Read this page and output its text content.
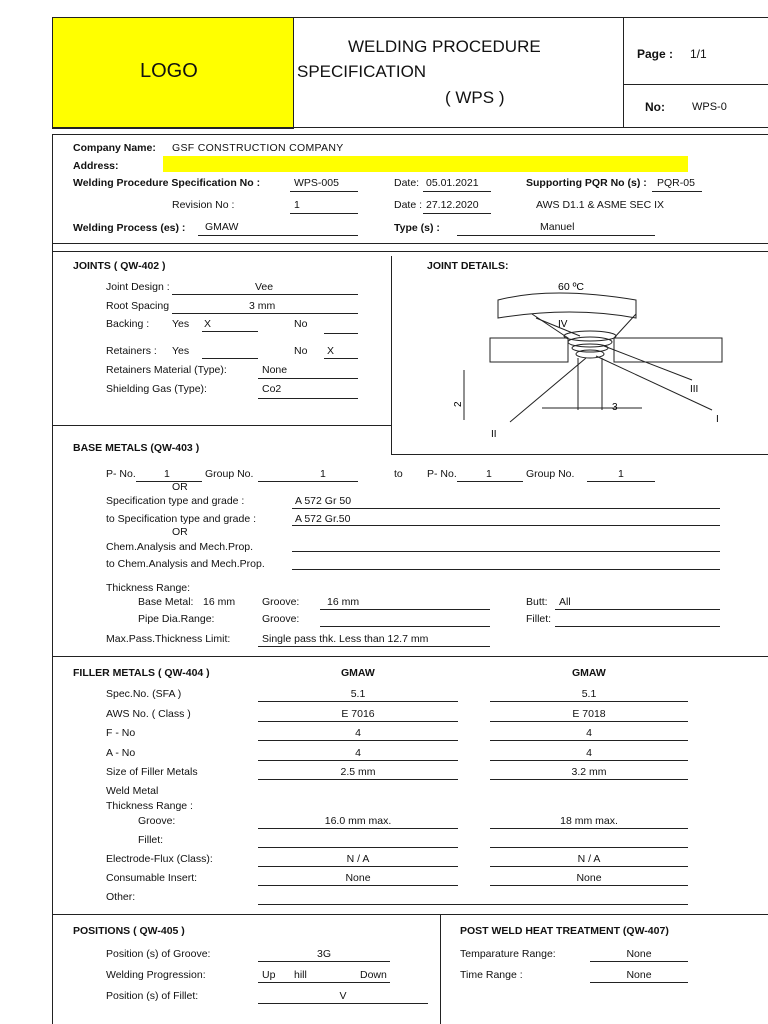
LOGO
WELDING PROCEDURE
SPECIFICATION
( WPS )
Page : 1/1
No: WPS-0
Company Name: GSF CONSTRUCTION COMPANY
Address:
Welding Procedure Specification No :	WPS-005	Date: 05.01.2021	Supporting PQR No (s) : PQR-05
Revision No :	1	Date : 27.12.2020	AWS D1.1 & ASME SEC IX
Welding Process (es) : GMAW	Type (s) :	Manuel
JOINTS ( QW-402 )
Joint Design :	Vee
Root Spacing	3 mm
Backing : Yes X	No
Retainers : Yes	No X
Retainers Material (Type):	None
Shielding Gas (Type):	Co2
JOINT DETAILS:
60 ºC
IV
III
II
I
3
2
BASE METALS (QW-403 )
P- No.	1	Group No.	1	to P- No.	1	Group No.	1
OR
Specification type and grade :	A 572 Gr 50
to Specification type and grade :	A 572 Gr.50
OR
Chem.Analysis and Mech.Prop.
to Chem.Analysis and Mech.Prop.
Thickness Range:
Base Metal: 16 mm	Groove:	16 mm	Butt: All
Pipe Dia.Range:	Groove:	Fillet:
Max.Pass.Thickness Limit:	Single pass thk. Less than 12.7 mm
FILLER METALS ( QW-404 )	GMAW	GMAW
Spec.No. (SFA )	5.1	5.1
AWS No. ( Class )	E 7016	E 7018
F - No	4	4
A - No	4	4
Size of Filler Metals	2.5 mm	3.2 mm
Weld Metal
Thickness Range :
Groove:	16.0 mm max.	18 mm max.
Fillet:
Electrode-Flux (Class):	N / A	N / A
Consumable Insert:	None	None
Other:
POSITIONS ( QW-405 )
Position (s) of Groove:	3G
Welding Progression:	Up hill	Down
Position (s) of Fillet:	V
POST WELD HEAT TREATMENT (QW-407)
Temparature Range:	None
Time Range :	None
